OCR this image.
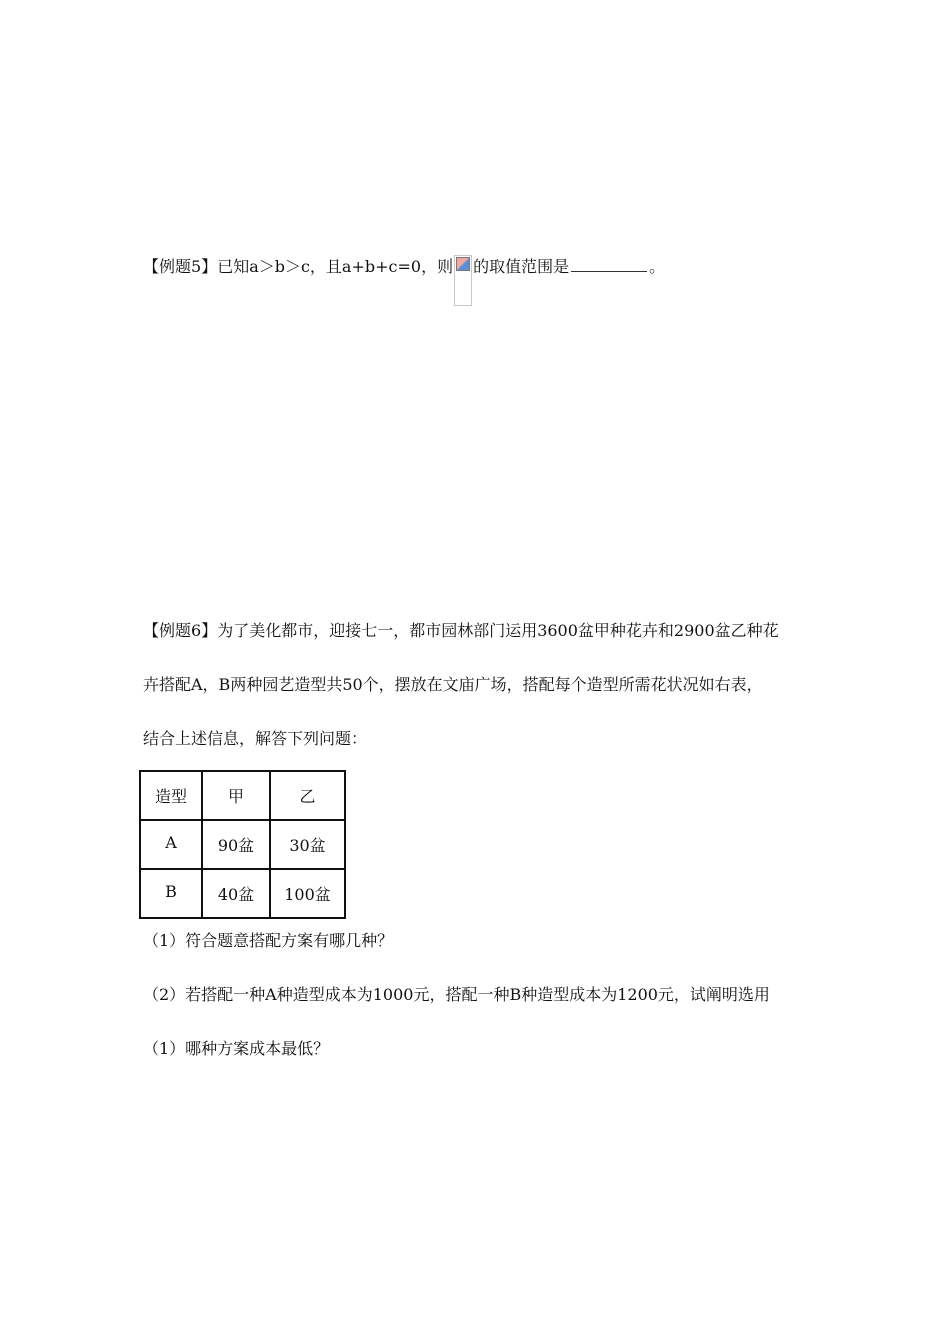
【例题5】已知a＞b＞c，且a+b+c=0，则 的取值范围是	。
【例题6】为了美化都市，迎接七一，都市园林部门运用3600盆甲种花卉和2900盆乙种花
卉搭配A，B两种园艺造型共50个，摆放在文庙广场，搭配每个造型所需花状况如右表，
结合上述信息，解答下列问题：
造型	甲	乙
A	90盆	30盆
B	40盆	100盆
（1）符合题意搭配方案有哪几种？
（2）若搭配一种A种造型成本为1000元，搭配一种B种造型成本为1200元，试阐明选用
（1）哪种方案成本最低？
